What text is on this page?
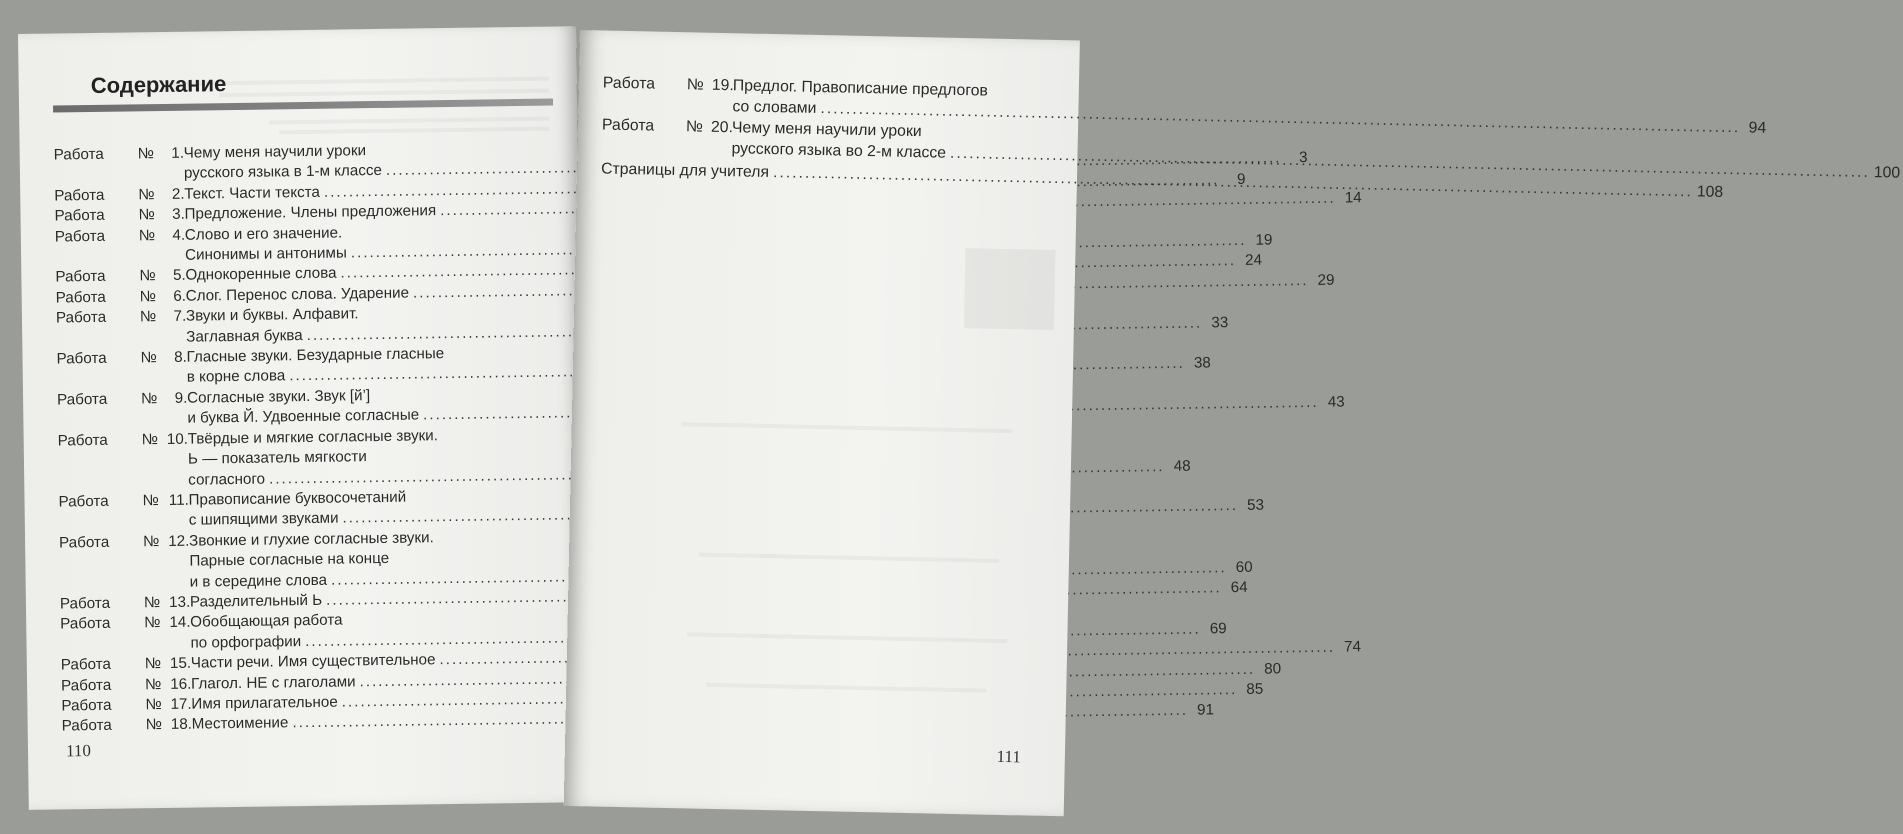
Содержание
Работа № 1. Чему меня научили уроки
русского языка в 1-м классе
.....
3
Работа № 2. Текст. Части текста
.....
9
Работа № 3. Предложение. Члены предложения
.....
14
Работа № 4. Слово и его значение.
Синонимы и антонимы
.....
19
Работа № 5. Однокоренные слова
.....
24
Работа № 6. Слог. Перенос слова. Ударение
.....
29
Работа № 7. Звуки и буквы. Алфавит.
Заглавная буква
.....
33
Работа № 8. Гласные звуки. Безударные гласные
в корне слова
.....
38
Работа № 9. Согласные звуки. Звук [й’]
и буква Й. Удвоенные согласные
.....
43
Работа № 10. Твёрдые и мягкие согласные звуки.
Ь — показатель мягкости
согласного
.....
48
Работа № 11. Правописание буквосочетаний
с шипящими звуками
.....
53
Работа № 12. Звонкие и глухие согласные звуки.
Парные согласные на конце
и в середине слова
.....
60
Работа № 13. Разделительный Ь
.....
64
Работа № 14. Обобщающая работа
по орфографии
.....
69
Работа № 15. Части речи. Имя существительное
.....
74
Работа № 16. Глагол. НЕ с глаголами
.....
80
Работа № 17. Имя прилагательное
.....
85
Работа № 18. Местоимение
.....
91
110
Работа № 19.
Предлог. Правописание предлогов
со словами
.....
94
Работа № 20.
Чему меня научили уроки
русского языка во 2-м классе
.....
100
Страницы для учителя
.....
108
111
